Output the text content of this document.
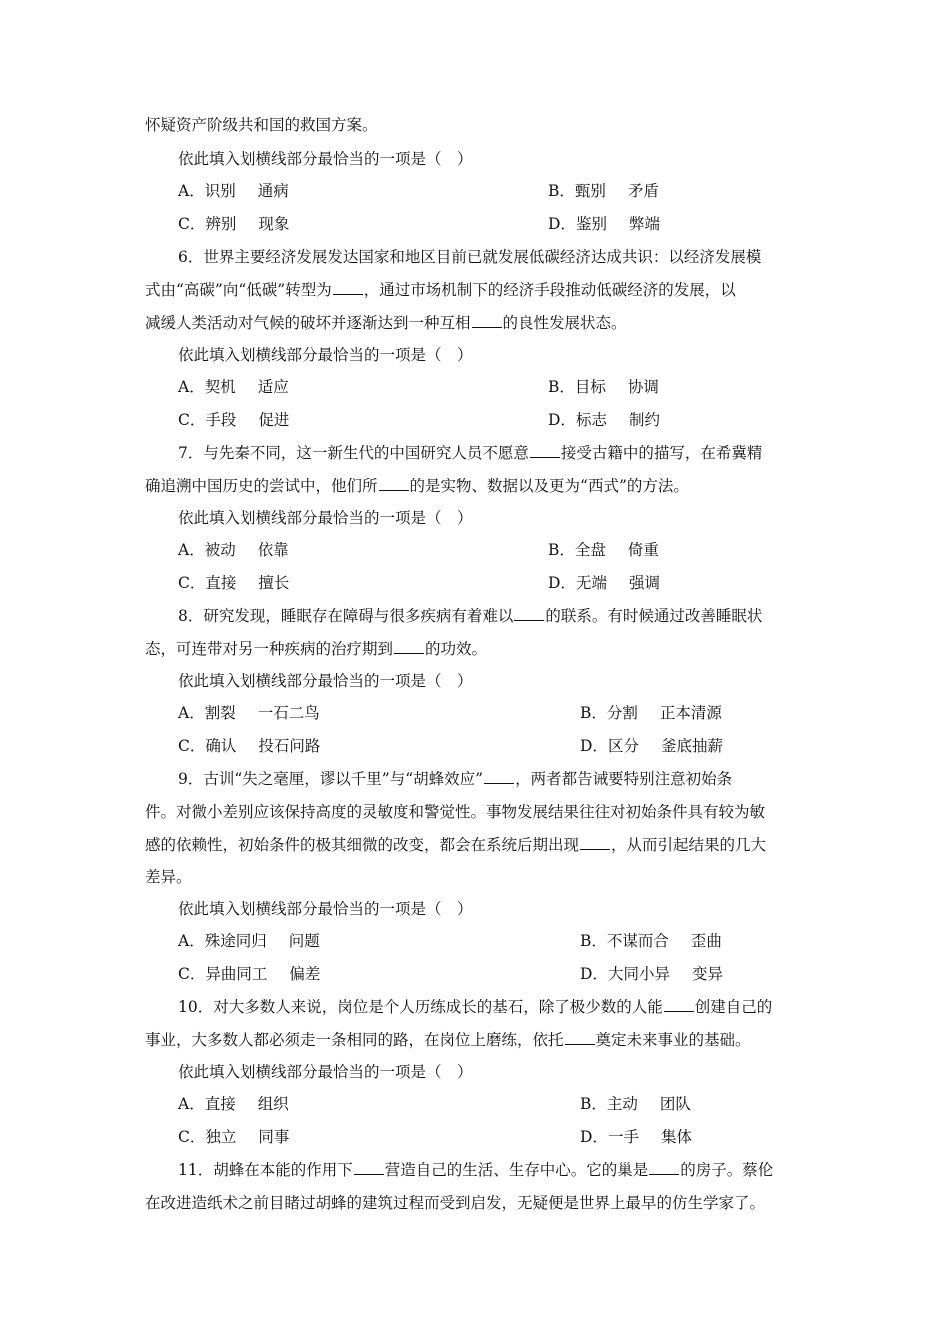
怀疑资产阶级共和国的救国方案。
依此填入划横线部分最恰当的一项是（　）
A．识别 通病	B．甄别 矛盾
C．辨别 现象	D．鉴别 弊端
6．世界主要经济发展发达国家和地区目前已就发展低碳经济达成共识：以经济发展模
式由“高碳”向“低碳”转型为 ，通过市场机制下的经济手段推动低碳经济的发展，以
减缓人类活动对气候的破坏并逐渐达到一种互相 的良性发展状态。
依此填入划横线部分最恰当的一项是（　）
A．契机 适应	B．目标 协调
C．手段 促进	D．标志 制约
7．与先秦不同，这一新生代的中国研究人员不愿意 接受古籍中的描写，在希冀精
确追溯中国历史的尝试中，他们所 的是实物、数据以及更为“西式”的方法。
依此填入划横线部分最恰当的一项是（　）
A．被动 依靠	B．全盘 倚重
C．直接 擅长	D．无端 强调
8．研究发现，睡眠存在障碍与很多疾病有着难以 的联系。有时候通过改善睡眠状
态，可连带对另一种疾病的治疗期到 的功效。
依此填入划横线部分最恰当的一项是（　）
A．割裂 一石二鸟	B．分割 正本清源
C．确认 投石问路	D．区分 釜底抽薪
9．古训“失之毫厘，谬以千里”与“胡蜂效应” ，两者都告诫要特别注意初始条
件。对微小差别应该保持高度的灵敏度和警觉性。事物发展结果往往对初始条件具有较为敏
感的依赖性，初始条件的极其细微的改变，都会在系统后期出现 ，从而引起结果的几大
差异。
依此填入划横线部分最恰当的一项是（　）
A．殊途同归 问题	B．不谋而合 歪曲
C．异曲同工 偏差	D．大同小异 变异
10．对大多数人来说，岗位是个人历练成长的基石，除了极少数的人能 创建自己的
事业，大多数人都必须走一条相同的路，在岗位上磨练，依托 奠定未来事业的基础。
依此填入划横线部分最恰当的一项是（　）
A．直接 组织	B．主动 团队
C．独立 同事	D．一手 集体
11．胡蜂在本能的作用下 营造自己的生活、生存中心。它的巢是 的房子。蔡伦
在改进造纸术之前目睹过胡蜂的建筑过程而受到启发，无疑便是世界上最早的仿生学家了。
